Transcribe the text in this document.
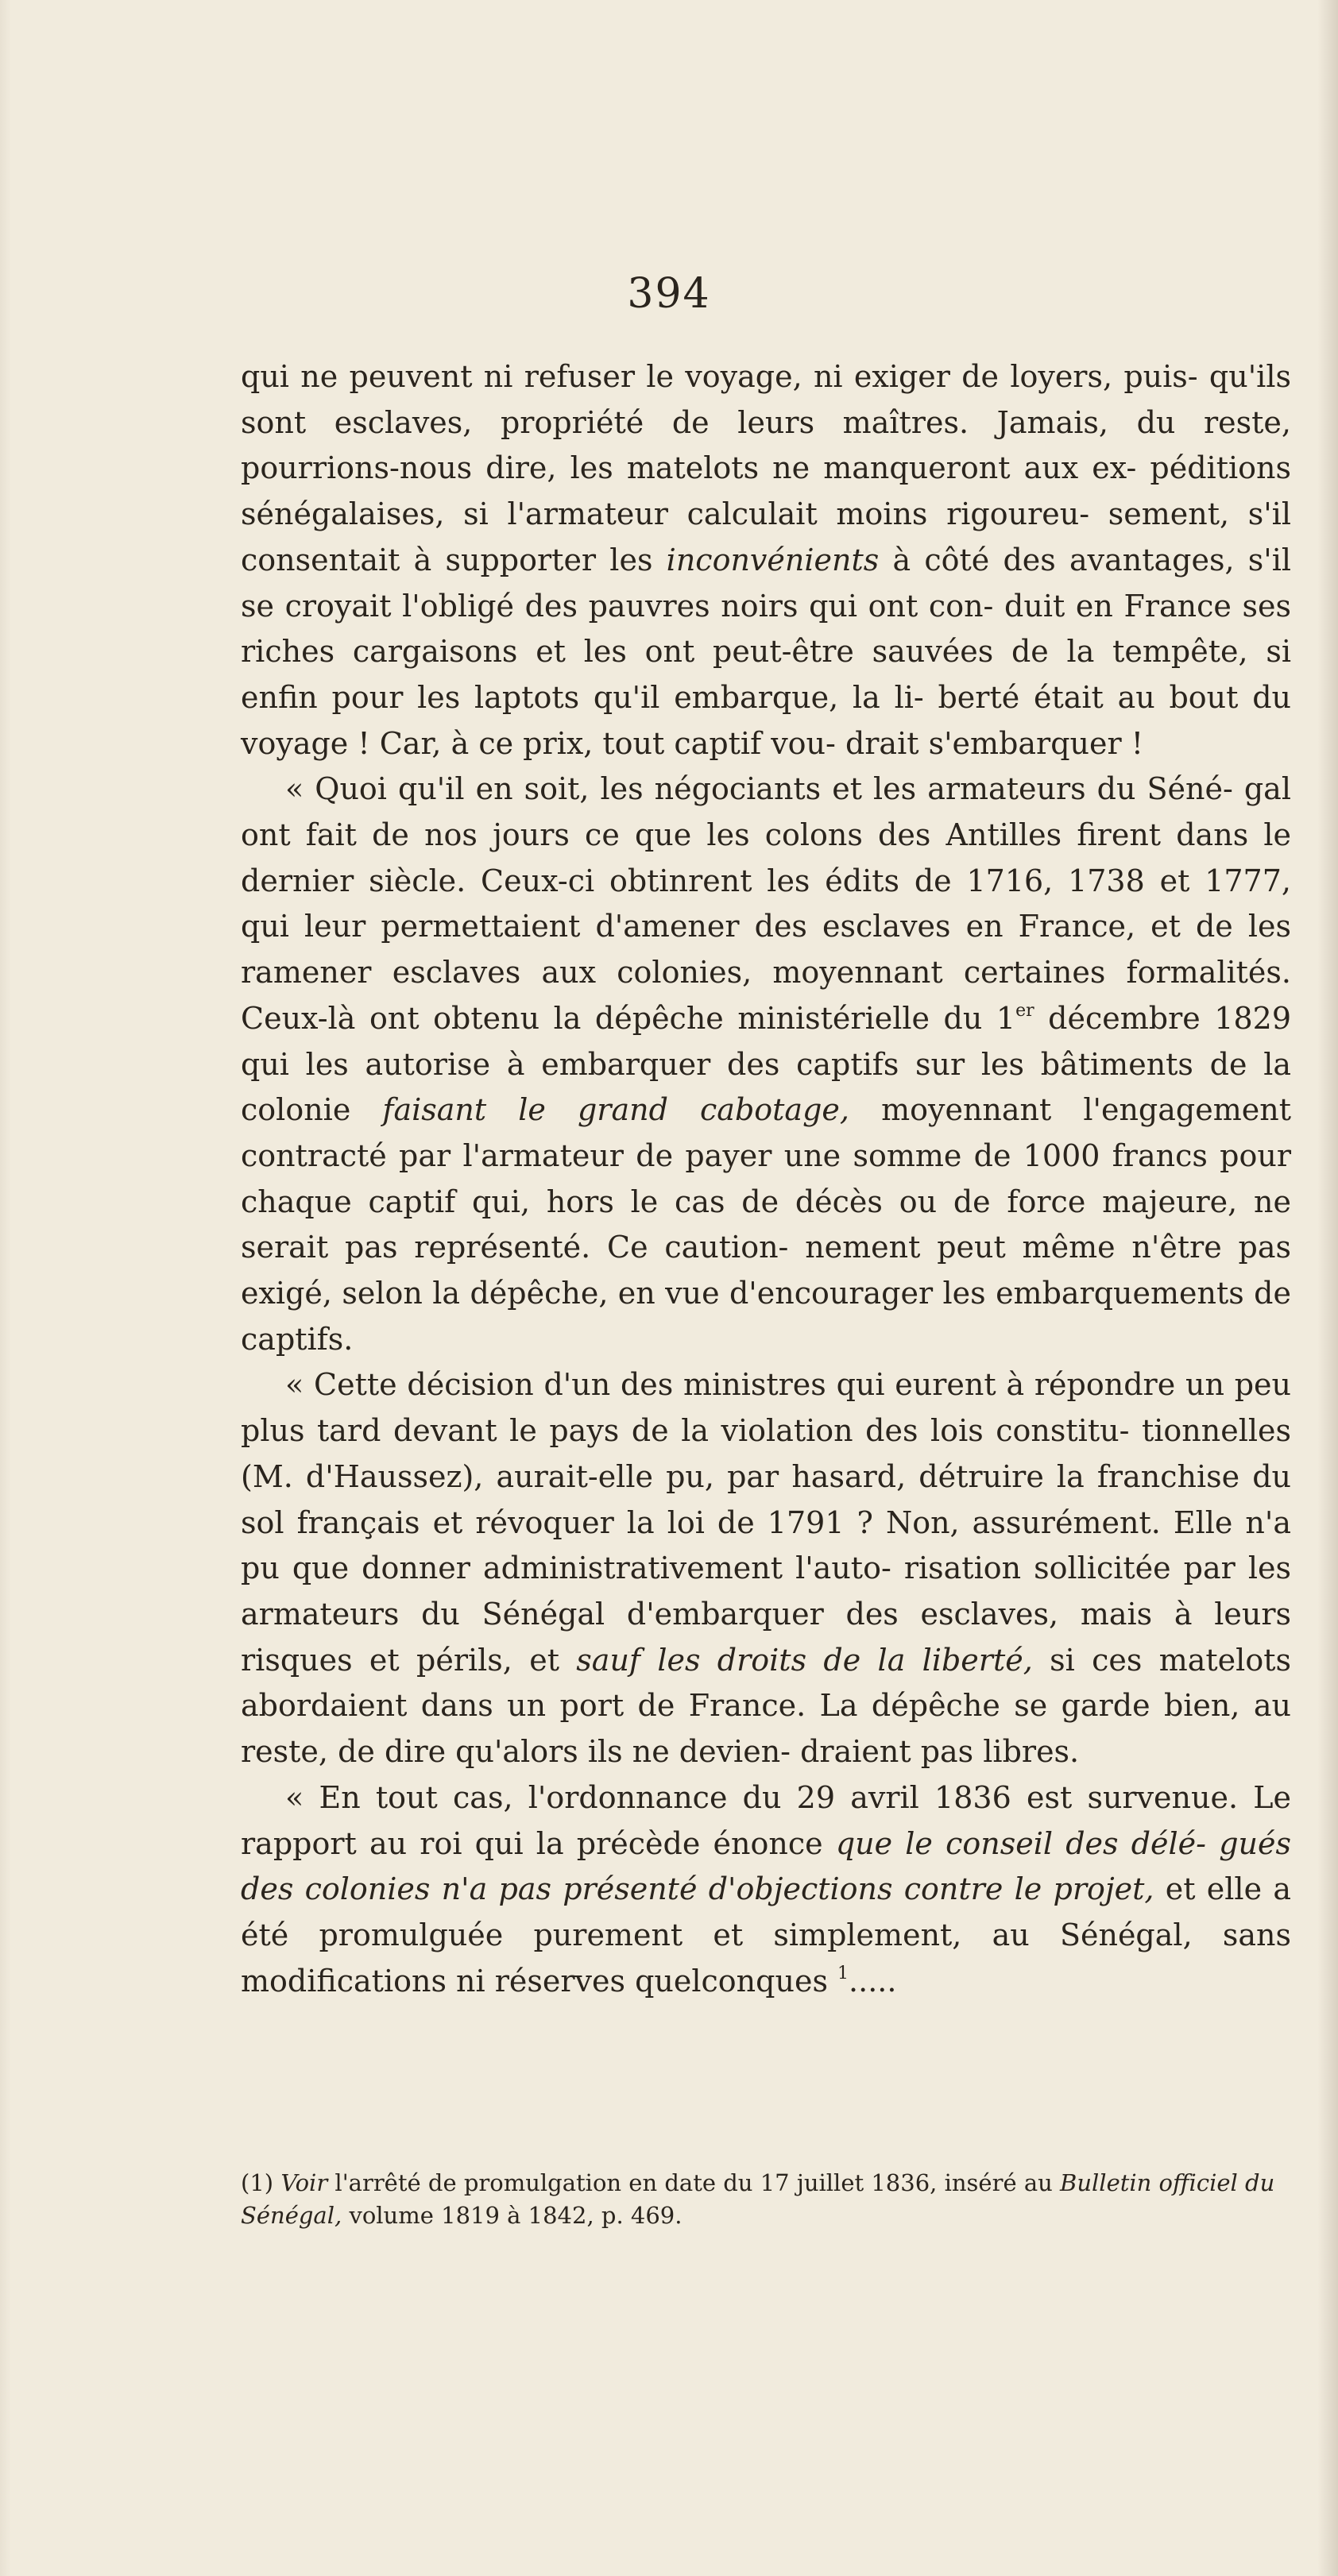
394

qui ne peuvent ni refuser le voyage, ni exiger de loyers, puis- qu'ils sont esclaves, propriété de leurs maîtres. Jamais, du reste, pourrions-nous dire, les matelots ne manqueront aux ex- péditions sénégalaises, si l'armateur calculait moins rigoureu- sement, s'il consentait à supporter les inconvénients à côté des avantages, s'il se croyait l'obligé des pauvres noirs qui ont con- duit en France ses riches cargaisons et les ont peut-être sauvées de la tempête, si enfin pour les laptots qu'il embarque, la li- berté était au bout du voyage ! Car, à ce prix, tout captif vou- drait s'embarquer !

« Quoi qu'il en soit, les négociants et les armateurs du Séné- gal ont fait de nos jours ce que les colons des Antilles firent dans le dernier siècle. Ceux-ci obtinrent les édits de 1716, 1738 et 1777, qui leur permettaient d'amener des esclaves en France, et de les ramener esclaves aux colonies, moyennant certaines formalités. Ceux-là ont obtenu la dépêche ministérielle du 1er décembre 1829 qui les autorise à embarquer des captifs sur les bâtiments de la colonie faisant le grand cabotage, moyennant l'engagement contracté par l'armateur de payer une somme de 1000 francs pour chaque captif qui, hors le cas de décès ou de force majeure, ne serait pas représenté. Ce caution- nement peut même n'être pas exigé, selon la dépêche, en vue d'encourager les embarquements de captifs.

« Cette décision d'un des ministres qui eurent à répondre un peu plus tard devant le pays de la violation des lois constitu- tionnelles (M. d'Haussez), aurait-elle pu, par hasard, détruire la franchise du sol français et révoquer la loi de 1791 ? Non, assurément. Elle n'a pu que donner administrativement l'auto- risation sollicitée par les armateurs du Sénégal d'embarquer des esclaves, mais à leurs risques et périls, et sauf les droits de la liberté, si ces matelots abordaient dans un port de France. La dépêche se garde bien, au reste, de dire qu'alors ils ne devien- draient pas libres.

« En tout cas, l'ordonnance du 29 avril 1836 est survenue. Le rapport au roi qui la précède énonce que le conseil des délé- gués des colonies n'a pas présenté d'objections contre le projet, et elle a été promulguée purement et simplement, au Sénégal, sans modifications ni réserves quelconques $^1$.....

(1) Voir l'arrêté de promulgation en date du 17 juillet 1836, inséré au Bulletin officiel du Sénégal, volume 1819 à 1842, p. 469.
